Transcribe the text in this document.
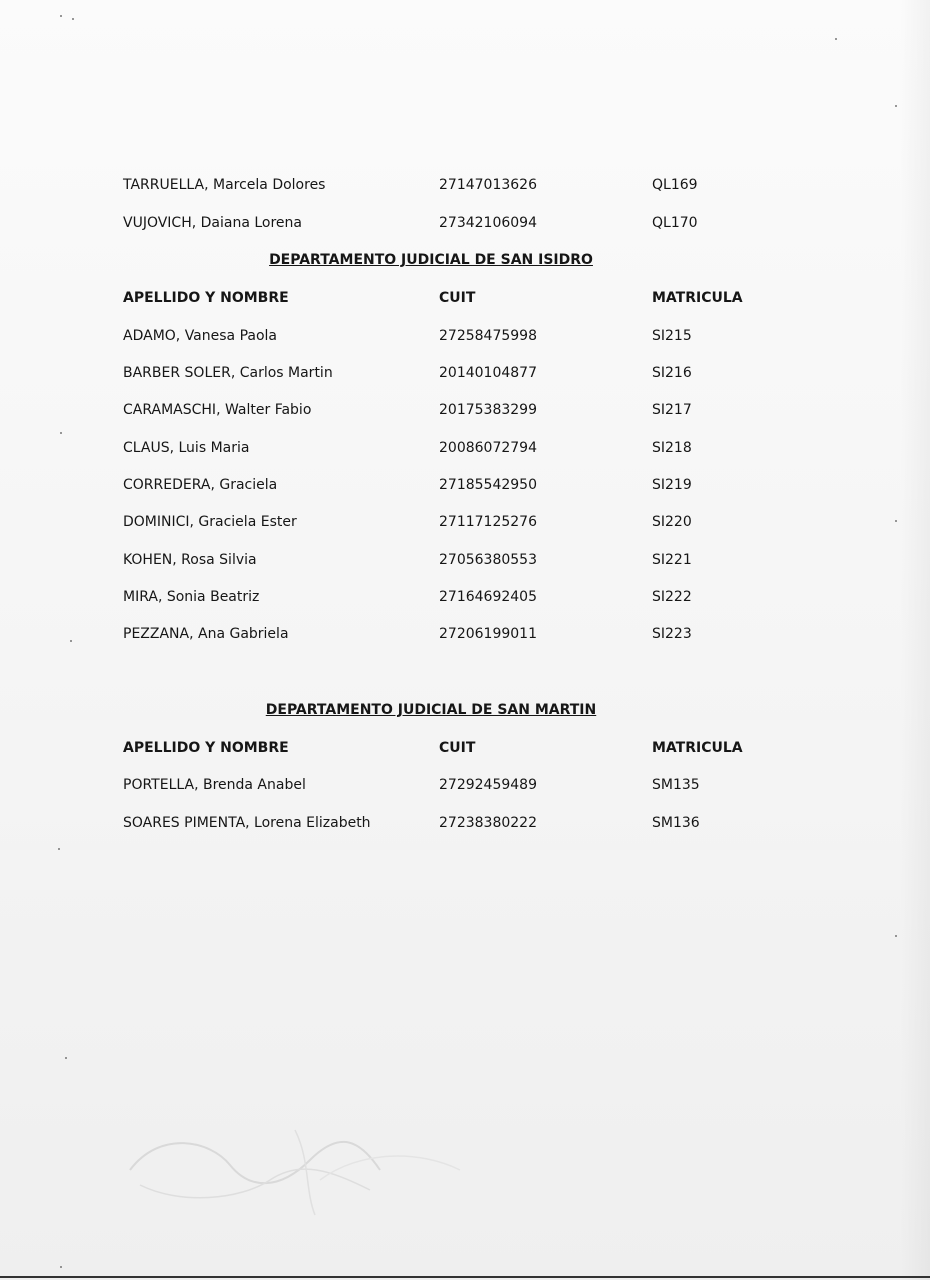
TARRUELLA, Marcela Dolores	27147013626	QL169
VUJOVICH, Daiana Lorena	27342106094	QL170
DEPARTAMENTO JUDICIAL DE SAN ISIDRO
APELLIDO Y NOMBRE	CUIT	MATRICULA
ADAMO, Vanesa Paola	27258475998	SI215
BARBER SOLER, Carlos Martin	20140104877	SI216
CARAMASCHI, Walter Fabio	20175383299	SI217
CLAUS, Luis Maria	20086072794	SI218
CORREDERA, Graciela	27185542950	SI219
DOMINICI, Graciela Ester	27117125276	SI220
KOHEN, Rosa Silvia	27056380553	SI221
MIRA, Sonia Beatriz	27164692405	SI222
PEZZANA, Ana Gabriela	27206199011	SI223
DEPARTAMENTO JUDICIAL DE SAN MARTIN
APELLIDO Y NOMBRE	CUIT	MATRICULA
PORTELLA, Brenda Anabel	27292459489	SM135
SOARES PIMENTA, Lorena Elizabeth	27238380222	SM136
